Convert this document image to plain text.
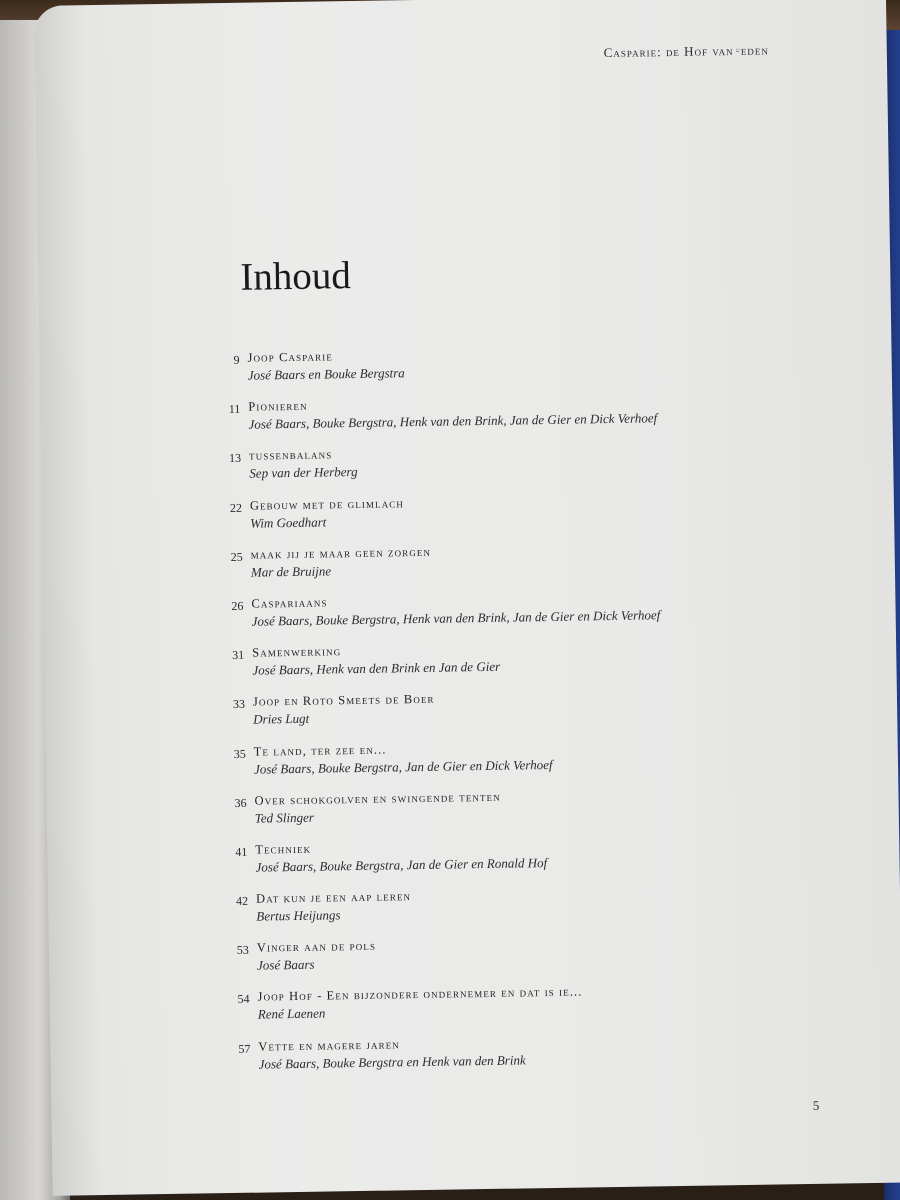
Casparie: de Hof van⸚eden
Inhoud
9 Joop Casparie
José Baars en Bouke Bergstra
11 Pionieren
José Baars, Bouke Bergstra, Henk van den Brink, Jan de Gier en Dick Verhoef
13 tussenbalans
Sep van der Herberg
22 Gebouw met de glimlach
Wim Goedhart
25 maak jij je maar geen zorgen
Mar de Bruijne
26 Caspariaans
José Baars, Bouke Bergstra, Henk van den Brink, Jan de Gier en Dick Verhoef
31 Samenwerking
José Baars, Henk van den Brink en Jan de Gier
33 Joop en Roto Smeets de Boer
Dries Lugt
35 Te land, ter zee en...
José Baars, Bouke Bergstra, Jan de Gier en Dick Verhoef
36 Over schokgolven en swingende tenten
Ted Slinger
41 Techniek
José Baars, Bouke Bergstra, Jan de Gier en Ronald Hof
42 Dat kun je een aap leren
Bertus Heijungs
53 Vinger aan de pols
José Baars
54 Joop Hof - Een bijzondere ondernemer en dat is ie...
René Laenen
57 Vette en magere jaren
José Baars, Bouke Bergstra en Henk van den Brink
5
